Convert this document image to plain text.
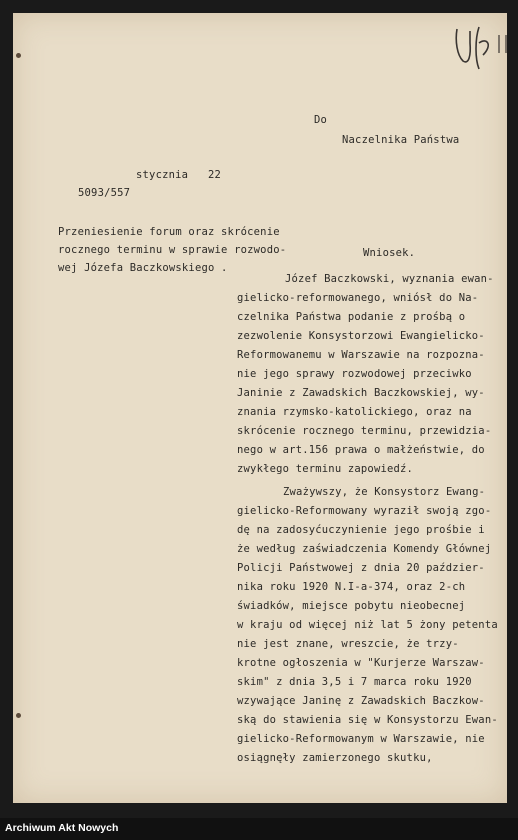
Do
Naczelnika Państwa
stycznia 22
5093/557
Przeniesienie forum oraz skrócenie
rocznego terminu w sprawie rozwodo-
wej Józefa Baczkowskiego .
Wniosek.
Józef Baczkowski, wyznania ewan-
gielicko-reformowanego, wniósł do Na-
czelnika Państwa podanie z prośbą o
zezwolenie Konsystorzowi Ewangielicko-
Reformowanemu w Warszawie na rozpoznа-
nie jego sprawy rozwodowej przeciwko
Janinie z Zawadskich Baczkowskiej, wy-
znania rzymsko-katolickiego, oraz na
skrócenie rocznego terminu, przewidzia-
nego w art.156 prawa o małżeństwie, do
zwykłego terminu zapowiedź.
Zważywszy, że Konsystorz Ewang-
gielicko-Reformowany wyraził swoją zgo-
dę na zadosyćuczynienie jego prośbie i
że według zaświadczenia Komendy Głównej
Policji Państwowej z dnia 20 paździer-
nika roku 1920 N.I-a-374, oraz 2-ch
świadków, miejsce pobytu nieobecnej
w kraju od więcej niż lat 5 żony petenta
nie jest znane, wreszcie, że trzy-
krotne ogłoszenia w "Kurjerze Warszaw-
skim" z dnia 3,5 i 7 marca roku 1920
wzywające Janinę z Zawadskich Baczkow-
ską do stawienia się w Konsystorzu Ewan-
gielicko-Reformowanym w Warszawie, nie
osiągnęły zamierzonego skutku,
Archiwum Akt Nowych
